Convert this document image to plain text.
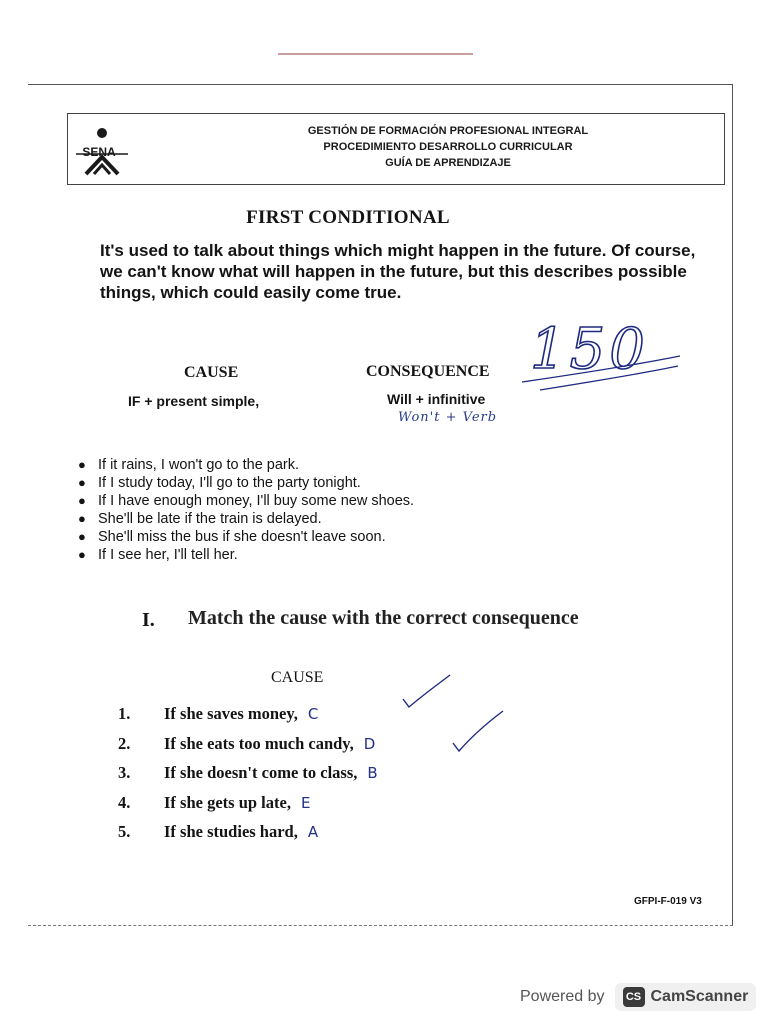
SENA
GESTIÓN DE FORMACIÓN PROFESIONAL INTEGRAL
PROCEDIMIENTO DESARROLLO CURRICULAR
GUÍA DE APRENDIZAJE
FIRST CONDITIONAL
It's used to talk about things which might happen in the future. Of course, we can't know what will happen in the future, but this describes possible things, which could easily come true.
150
CAUSE	CONSEQUENCE
IF + present simple,	Will + infinitive
Won't + Verb
● If it rains, I won't go to the park.
● If I study today, I'll go to the party tonight.
● If I have enough money, I'll buy some new shoes.
● She'll be late if the train is delayed.
● She'll miss the bus if she doesn't leave soon.
● If I see her, I'll tell her.
I. Match the cause with the correct consequence
CAUSE
1. If she saves money, C
2. If she eats too much candy, D
3. If she doesn't come to class, B
4. If she gets up late, E
5. If she studies hard, A
GFPI-F-019 V3
Powered by	CS CamScanner
